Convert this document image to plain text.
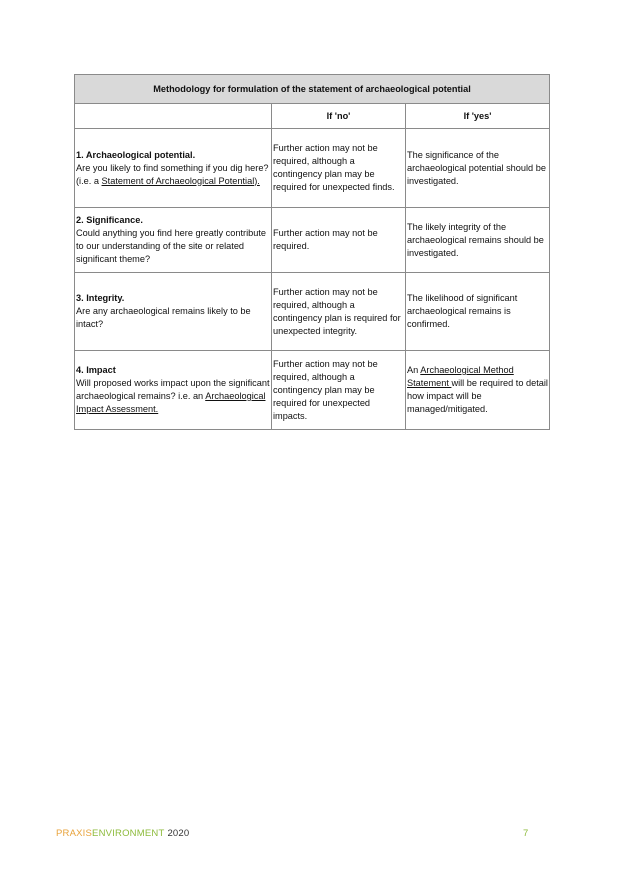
Methodology for formulation of the statement of archaeological potential		
	If 'no'	If 'yes'

1. Archaeological potential.
Are you likely to find something if you dig here? (i.e. a Statement of Archaeological Potential).	Further action may not be required, although a contingency plan may be required for unexpected finds.	The significance of the archaeological potential should be investigated.

2. Significance.
Could anything you find here greatly contribute to our understanding of the site or related significant theme?	Further action may not be required.	The likely integrity of the archaeological remains should be investigated.

3. Integrity.
Are any archaeological remains likely to be intact?	Further action may not be required, although a contingency plan is required for unexpected integrity.	The likelihood of significant archaeological remains is confirmed.

4. Impact
Will proposed works impact upon the significant archaeological remains? i.e. an Archaeological Impact Assessment.	Further action may not be required, although a contingency plan may be required for unexpected impacts.	An Archaeological Method Statement will be required to detail how impact will be managed/mitigated.
PRAXISENVIRONMENT 2020	7
